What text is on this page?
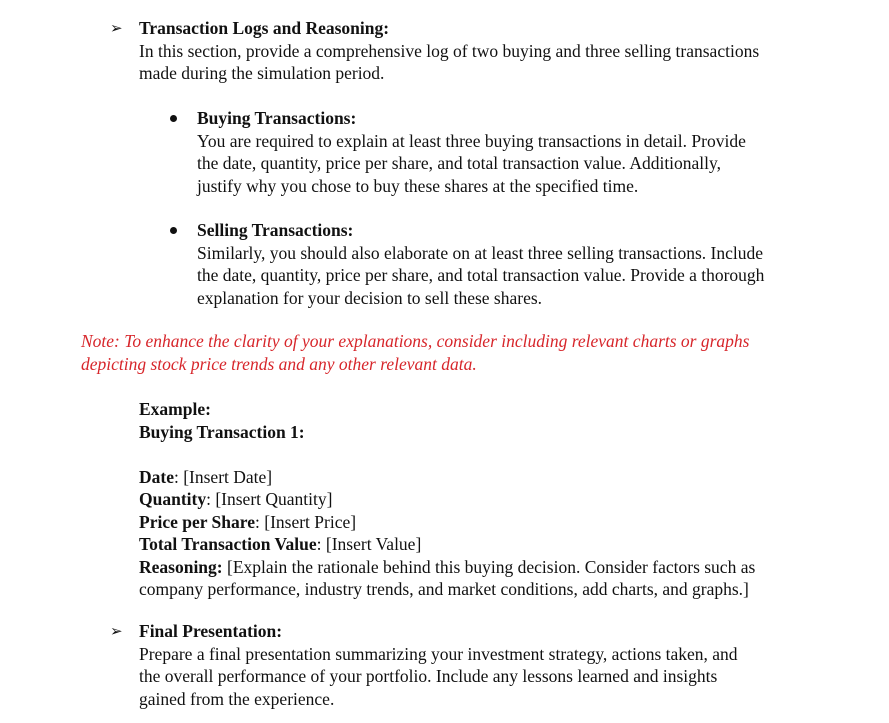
➢ Transaction Logs and Reasoning:
In this section, provide a comprehensive log of two buying and three selling transactions
made during the simulation period.
Buying Transactions:
You are required to explain at least three buying transactions in detail. Provide
the date, quantity, price per share, and total transaction value. Additionally,
justify why you chose to buy these shares at the specified time.
Selling Transactions:
Similarly, you should also elaborate on at least three selling transactions. Include
the date, quantity, price per share, and total transaction value. Provide a thorough
explanation for your decision to sell these shares.
Note: To enhance the clarity of your explanations, consider including relevant charts or graphs
depicting stock price trends and any other relevant data.
Example:
Buying Transaction 1:
Date: [Insert Date]
Quantity: [Insert Quantity]
Price per Share: [Insert Price]
Total Transaction Value: [Insert Value]
Reasoning: [Explain the rationale behind this buying decision. Consider factors such as
company performance, industry trends, and market conditions, add charts, and graphs.]
➢ Final Presentation:
Prepare a final presentation summarizing your investment strategy, actions taken, and
the overall performance of your portfolio. Include any lessons learned and insights
gained from the experience.
